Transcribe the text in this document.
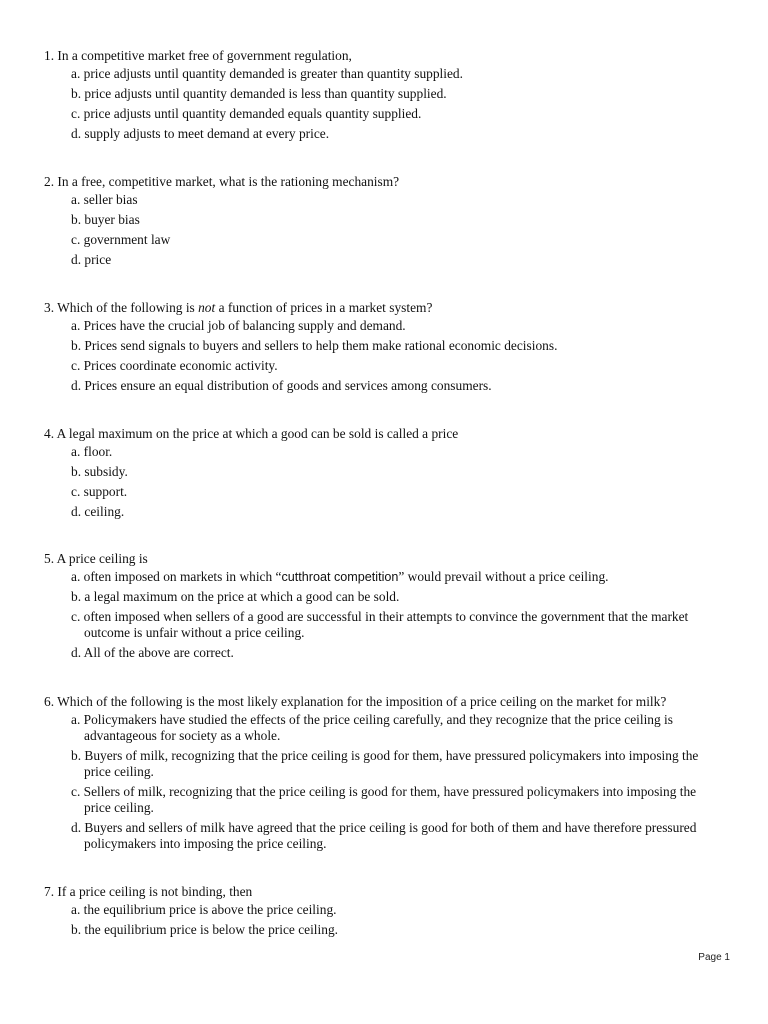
1. In a competitive market free of government regulation,
a. price adjusts until quantity demanded is greater than quantity supplied.
b. price adjusts until quantity demanded is less than quantity supplied.
c. price adjusts until quantity demanded equals quantity supplied.
d. supply adjusts to meet demand at every price.
2. In a free, competitive market, what is the rationing mechanism?
a. seller bias
b. buyer bias
c. government law
d. price
3. Which of the following is not a function of prices in a market system?
a. Prices have the crucial job of balancing supply and demand.
b. Prices send signals to buyers and sellers to help them make rational economic decisions.
c. Prices coordinate economic activity.
d. Prices ensure an equal distribution of goods and services among consumers.
4. A legal maximum on the price at which a good can be sold is called a price
a. floor.
b. subsidy.
c. support.
d. ceiling.
5. A price ceiling is
a. often imposed on markets in which “cutthroat competition” would prevail without a price ceiling.
b. a legal maximum on the price at which a good can be sold.
c. often imposed when sellers of a good are successful in their attempts to convince the government that the market outcome is unfair without a price ceiling.
d. All of the above are correct.
6. Which of the following is the most likely explanation for the imposition of a price ceiling on the market for milk?
a. Policymakers have studied the effects of the price ceiling carefully, and they recognize that the price ceiling is advantageous for society as a whole.
b. Buyers of milk, recognizing that the price ceiling is good for them, have pressured policymakers into imposing the price ceiling.
c. Sellers of milk, recognizing that the price ceiling is good for them, have pressured policymakers into imposing the price ceiling.
d. Buyers and sellers of milk have agreed that the price ceiling is good for both of them and have therefore pressured policymakers into imposing the price ceiling.
7. If a price ceiling is not binding, then
a. the equilibrium price is above the price ceiling.
b. the equilibrium price is below the price ceiling.
Page 1
